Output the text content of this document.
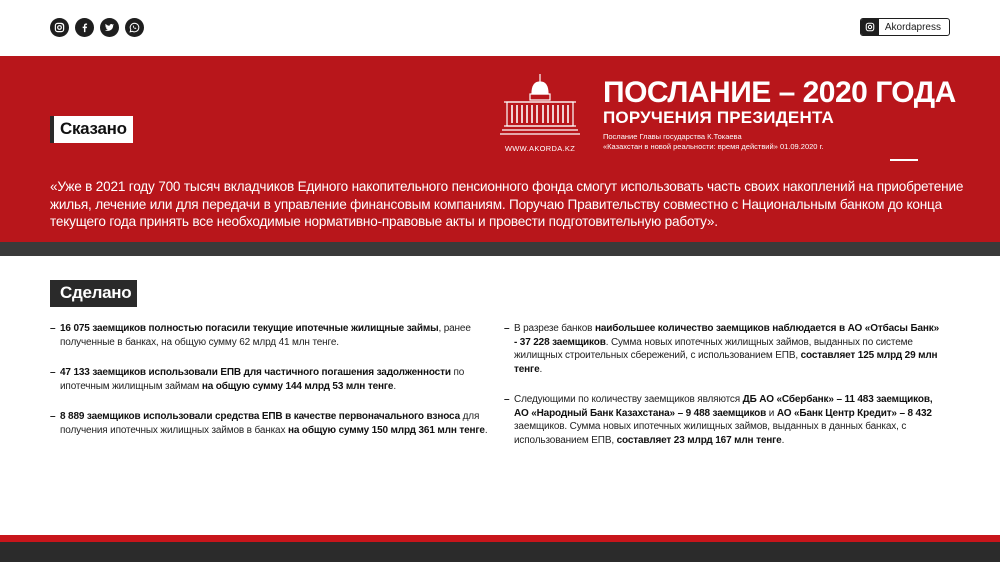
Akordapress
Сказано
WWW.AKORDA.KZ
ПОСЛАНИЕ – 2020 ГОДА
ПОРУЧЕНИЯ ПРЕЗИДЕНТА
Послание Главы государства К.Токаева
«Казахстан в новой реальности: время действий» 01.09.2020 г.
«Уже в 2021 году 700 тысяч вкладчиков Единого накопительного пенсионного фонда смогут использовать часть своих накоплений на приобретение жилья, лечение или для передачи в управление финансовым компаниям. Поручаю Правительству совместно с Национальным банком до конца текущего года принять все необходимые нормативно-правовые акты и провести подготовительную работу».
Сделано
– 16 075 заемщиков полностью погасили текущие ипотечные жилищные займы, ранее полученные в банках, на общую сумму 62 млрд 41 млн тенге.
– 47 133 заемщиков использовали ЕПВ для частичного погашения задолженности по ипотечным жилищным займам на общую сумму 144 млрд 53 млн тенге.
– 8 889 заемщиков использовали средства ЕПВ в качестве первоначального взноса для получения ипотечных жилищных займов в банках на общую сумму 150 млрд 361 млн тенге.
– В разрезе банков наибольшее количество заемщиков наблюдается в АО «Отбасы Банк» - 37 228 заемщиков. Сумма новых ипотечных жилищных займов, выданных по системе жилищных строительных сбережений, с использованием ЕПВ, составляет 125 млрд 29 млн тенге.
– Следующими по количеству заемщиков являются ДБ АО «Сбербанк» – 11 483 заемщиков, АО «Народный Банк Казахстана» – 9 488 заемщиков и АО «Банк Центр Кредит» – 8 432 заемщиков. Сумма новых ипотечных жилищных займов, выданных в данных банках, с использованием ЕПВ, составляет 23 млрд 167 млн тенге.
